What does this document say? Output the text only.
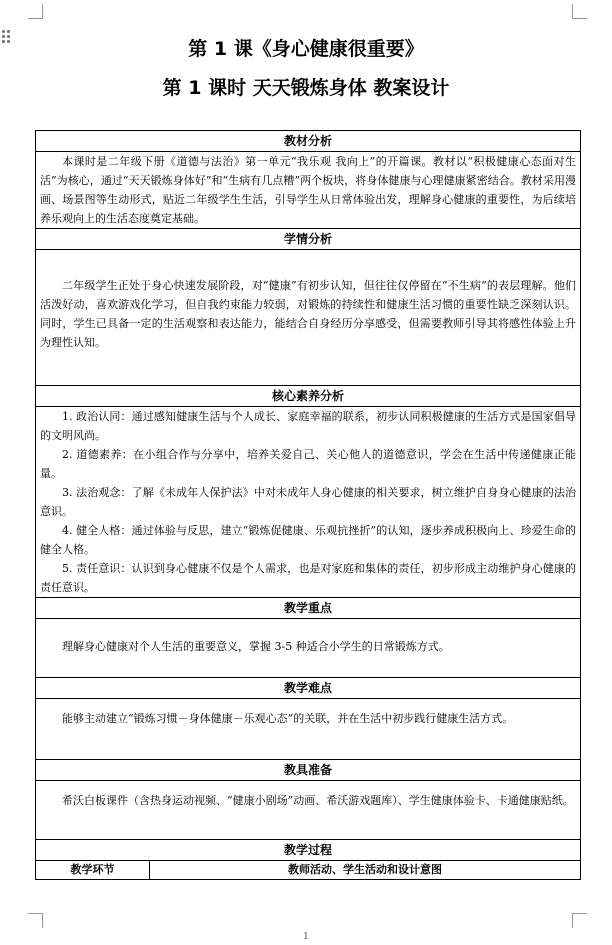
第 1 课《身心健康很重要》
第 1 课时 天天锻炼身体 教案设计
教材分析

本课时是二年级下册《道德与法治》第一单元“我乐观 我向上”的开篇课。教材以“积极健康心态面对生活”为核心，通过“天天锻炼身体好”和“生病有几点糟”两个板块，将身体健康与心理健康紧密结合。教材采用漫画、场景图等生动形式，贴近二年级学生生活，引导学生从日常体验出发，理解身心健康的重要性，为后续培养乐观向上的生活态度奠定基础。

学情分析

二年级学生正处于身心快速发展阶段，对“健康”有初步认知，但往往仅停留在“不生病”的表层理解。他们活泼好动，喜欢游戏化学习，但自我约束能力较弱，对锻炼的持续性和健康生活习惯的重要性缺乏深刻认识。同时，学生已具备一定的生活观察和表达能力，能结合自身经历分享感受，但需要教师引导其将感性体验上升为理性认知。

核心素养分析

1. 政治认同：通过感知健康生活与个人成长、家庭幸福的联系，初步认同积极健康的生活方式是国家倡导的文明风尚。
2. 道德素养：在小组合作与分享中，培养关爱自己、关心他人的道德意识，学会在生活中传递健康正能量。
3. 法治观念：了解《未成年人保护法》中对未成年人身心健康的相关要求，树立维护自身身心健康的法治意识。
4. 健全人格：通过体验与反思，建立“锻炼促健康、乐观抗挫折”的认知，逐步养成积极向上、珍爱生命的健全人格。
5. 责任意识：认识到身心健康不仅是个人需求，也是对家庭和集体的责任，初步形成主动维护身心健康的责任意识。

教学重点

理解身心健康对个人生活的重要意义，掌握 3-5 种适合小学生的日常锻炼方式。

教学难点

能够主动建立“锻炼习惯－身体健康－乐观心态”的关联，并在生活中初步践行健康生活方式。

教具准备

希沃白板课件（含热身运动视频、“健康小剧场”动画、希沃游戏题库）、学生健康体验卡、卡通健康贴纸。

教学过程

教学环节	教师活动、学生活动和设计意图
1
